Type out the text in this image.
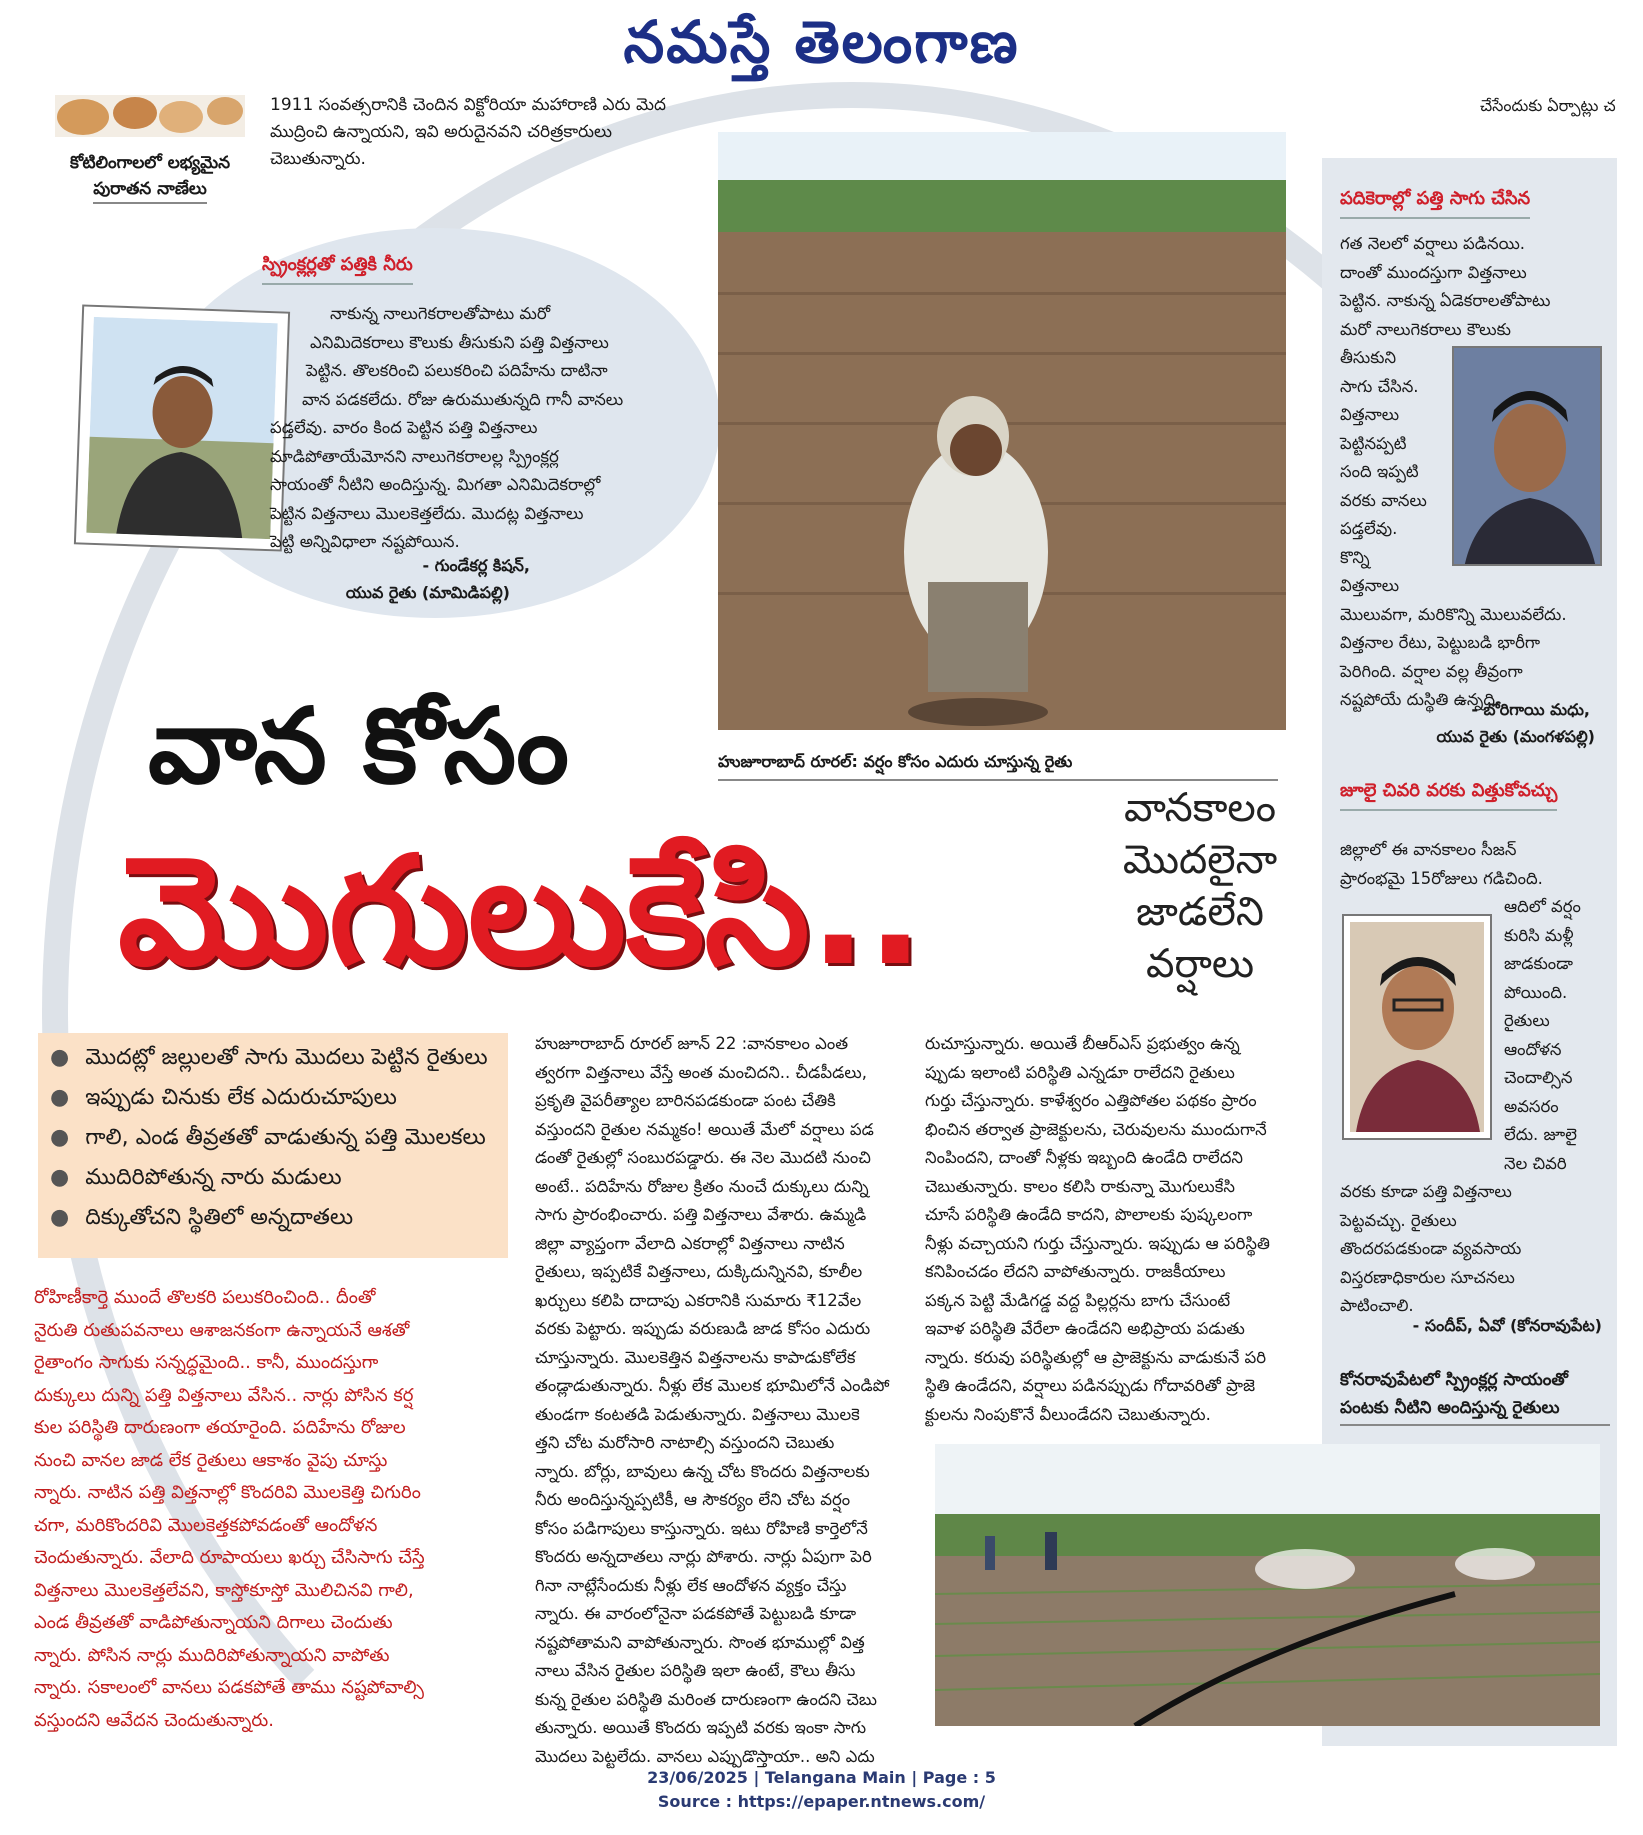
నమస్తే తెలంగాణ
కోటిలింగాలలో లభ్యమైన
పురాతన నాణేలు
1911 సంవత్సరానికి చెందిన విక్టోరియా మహారాణి ఎరు మెద
ముద్రించి ఉన్నాయని, ఇవి అరుదైనవని చరిత్రకారులు
చెబుతున్నారు.
చేసేందుకు ఏర్పాట్లు చ
స్ప్రింక్లర్లతో పత్తికి నీరు
నాకున్న నాలుగెకరాలతోపాటు మరో
ఎనిమిదెకరాలు కౌలుకు తీసుకుని పత్తి విత్తనాలు
పెట్టిన. తొలకరించి పలుకరించి పదిహేను దాటినా
వాన పడకలేదు. రోజు ఉరుముతున్నది గానీ వానలు
పడ్తలేవు. వారం కింద పెట్టిన పత్తి విత్తనాలు
మాడిపోతాయేమోనని నాలుగెకరాలల్ల స్ప్రింక్లర్ల
సాయంతో నీటిని అందిస్తున్న. మిగతా ఎనిమిదెకరాల్లో
పెట్టిన విత్తనాలు మొలకెత్తలేదు. మొదట్ల విత్తనాలు
పెట్టి అన్నివిధాలా నష్టపోయిన.
- గుండేకర్ల కిషన్,
యువ రైతు (మామిడిపల్లి)
హుజూరాబాద్ రూరల్: వర్షం కోసం ఎదురు చూస్తున్న రైతు
వాన కోసం
మొగులుకేసి..
వానకాలం
మొదలైనా
జాడలేని
వర్షాలు
పదికెరాల్లో పత్తి సాగు చేసిన
గత నెలలో వర్షాలు పడినయి.
దాంతో ముందస్తుగా విత్తనాలు
పెట్టిన. నాకున్న ఏడెకరాలతోపాటు
మరో నాలుగెకరాలు కౌలుకు
తీసుకుని
సాగు చేసిన.
విత్తనాలు
పెట్టినప్పటి
సంది ఇప్పటి
వరకు వానలు
పడ్తలేవు.
కొన్ని
విత్తనాలు
మొలువగా, మరికొన్ని మొలువలేదు.
విత్తనాల రేటు, పెట్టుబడి భారీగా
పెరిగింది. వర్షాల వల్ల తీవ్రంగా
నష్టపోయే దుస్థితి ఉన్నది.
- బోరిగాయి మధు,
యువ రైతు (మంగళపల్లి)
జూలై చివరి వరకు విత్తుకోవచ్చు
జిల్లాలో ఈ వానకాలం సీజన్
ప్రారంభమై 15రోజులు గడిచింది.
ఆదిలో వర్షం
కురిసి మళ్లీ
జాడకుండా
పోయింది.
రైతులు
ఆందోళన
చెందాల్సిన
అవసరం
లేదు. జూలై
నెల చివరి
వరకు కూడా పత్తి విత్తనాలు
పెట్టవచ్చు. రైతులు
తొందరపడకుండా వ్యవసాయ
విస్తరణాధికారుల సూచనలు
పాటించాలి.
- సందీప్, ఏవో (కోనరావుపేట)
కోనరావుపేటలో స్ప్రింక్లర్ల సాయంతో
పంటకు నీటిని అందిస్తున్న రైతులు
● మొదట్లో జల్లులతో సాగు మొదలు పెట్టిన రైతులు
● ఇప్పుడు చినుకు లేక ఎదురుచూపులు
● గాలి, ఎండ తీవ్రతతో వాడుతున్న పత్తి మొలకలు
● ముదిరిపోతున్న నారు మడులు
● దిక్కుతోచని స్థితిలో అన్నదాతలు
రోహిణీకార్తె ముందే తొలకరి పలుకరించింది.. దీంతో
నైరుతి రుతుపవనాలు ఆశాజనకంగా ఉన్నాయనే ఆశతో
రైతాంగం సాగుకు సన్నద్ధమైంది.. కానీ, ముందస్తుగా
దుక్కులు దున్ని పత్తి విత్తనాలు వేసిన.. నార్లు పోసిన కర్ష
కుల పరిస్థితి దారుణంగా తయారైంది. పదిహేను రోజుల
నుంచి వానల జాడ లేక రైతులు ఆకాశం వైపు చూస్తు
న్నారు. నాటిన పత్తి విత్తనాల్లో కొందరివి మొలకెత్తి చిగురిం
చగా, మరికొందరివి మొలకెత్తకపోవడంతో ఆందోళన
చెందుతున్నారు. వేలాది రూపాయలు ఖర్చు చేసిసాగు చేస్తే
విత్తనాలు మొలకెత్తలేవని, కాస్తోకూస్తో మొలిచినవి గాలి,
ఎండ తీవ్రతతో వాడిపోతున్నాయని దిగాలు చెందుతు
న్నారు. పోసిన నార్లు ముదిరిపోతున్నాయని వాపోతు
న్నారు. సకాలంలో వానలు పడకపోతే తాము నష్టపోవాల్సి
వస్తుందని ఆవేదన చెందుతున్నారు.
హుజూరాబాద్ రూరల్ జూన్ 22 :వానకాలం ఎంత
త్వరగా విత్తనాలు వేస్తే అంత మంచిదని.. చీడపీడలు,
ప్రకృతి వైపరీత్యాల బారినపడకుండా పంట చేతికి
వస్తుందని రైతుల నమ్మకం! అయితే మేలో వర్షాలు పడ
డంతో రైతుల్లో సంబురపడ్డారు. ఈ నెల మొదటి నుంచి
అంటే.. పదిహేను రోజుల క్రితం నుంచే దుక్కులు దున్ని
సాగు ప్రారంభించారు. పత్తి విత్తనాలు వేశారు. ఉమ్మడి
జిల్లా వ్యాప్తంగా వేలాది ఎకరాల్లో విత్తనాలు నాటిన
రైతులు, ఇప్పటికే విత్తనాలు, దుక్కిదున్నినవి, కూలీల
ఖర్చులు కలిపి దాదాపు ఎకరానికి సుమారు ₹12వేల
వరకు పెట్టారు. ఇప్పుడు వరుణుడి జాడ కోసం ఎదురు
చూస్తున్నారు. మొలకెత్తిన విత్తనాలను కాపాడుకోలేక
తండ్లాడుతున్నారు. నీళ్లు లేక మొలక భూమిలోనే ఎండిపో
తుండగా కంటతడి పెడుతున్నారు. విత్తనాలు మొలకె
త్తని చోట మరోసారి నాటాల్సి వస్తుందని చెబుతు
న్నారు. బోర్లు, బావులు ఉన్న చోట కొందరు విత్తనాలకు
నీరు అందిస్తున్నప్పటికీ, ఆ సౌకర్యం లేని చోట వర్షం
కోసం పడిగాపులు కాస్తున్నారు. ఇటు రోహిణి కార్తెలోనే
కొందరు అన్నదాతలు నార్లు పోశారు. నార్లు ఏపుగా పెరి
గినా నాట్లేసేందుకు నీళ్లు లేక ఆందోళన వ్యక్తం చేస్తు
న్నారు. ఈ వారంలోనైనా పడకపోతే పెట్టుబడి కూడా
నష్టపోతామని వాపోతున్నారు. సొంత భూముల్లో విత్త
నాలు వేసిన రైతుల పరిస్థితి ఇలా ఉంటే, కౌలు తీసు
కున్న రైతుల పరిస్థితి మరింత దారుణంగా ఉందని చెబు
తున్నారు. అయితే కొందరు ఇప్పటి వరకు ఇంకా సాగు
మొదలు పెట్టలేదు. వానలు ఎప్పుడొస్తాయా.. అని ఎదు
రుచూస్తున్నారు. అయితే బీఆర్ఎస్ ప్రభుత్వం ఉన్న
ప్పుడు ఇలాంటి పరిస్థితి ఎన్నడూ రాలేదని రైతులు
గుర్తు చేస్తున్నారు. కాళేశ్వరం ఎత్తిపోతల పథకం ప్రారం
భించిన తర్వాత ప్రాజెక్టులను, చెరువులను ముందుగానే
నింపిందని, దాంతో నీళ్లకు ఇబ్బంది ఉండేది రాలేదని
చెబుతున్నారు. కాలం కలిసి రాకున్నా మొగులుకేసి
చూసే పరిస్థితి ఉండేది కాదని, పొలాలకు పుష్కలంగా
నీళ్లు వచ్చాయని గుర్తు చేస్తున్నారు. ఇప్పుడు ఆ పరిస్థితి
కనిపించడం లేదని వాపోతున్నారు. రాజకీయాలు
పక్కన పెట్టి మేడిగడ్డ వద్ద పిల్లర్లను బాగు చేసుంటే
ఇవాళ పరిస్థితి వేరేలా ఉండేదని అభిప్రాయ పడుతు
న్నారు. కరువు పరిస్థితుల్లో ఆ ప్రాజెక్టును వాడుకునే పరి
స్థితి ఉండేదని, వర్షాలు పడినప్పుడు గోదావరితో ప్రాజె
క్టులను నింపుకొనే వీలుండేదని చెబుతున్నారు.
23/06/2025 | Telangana Main | Page : 5
Source : https://epaper.ntnews.com/
